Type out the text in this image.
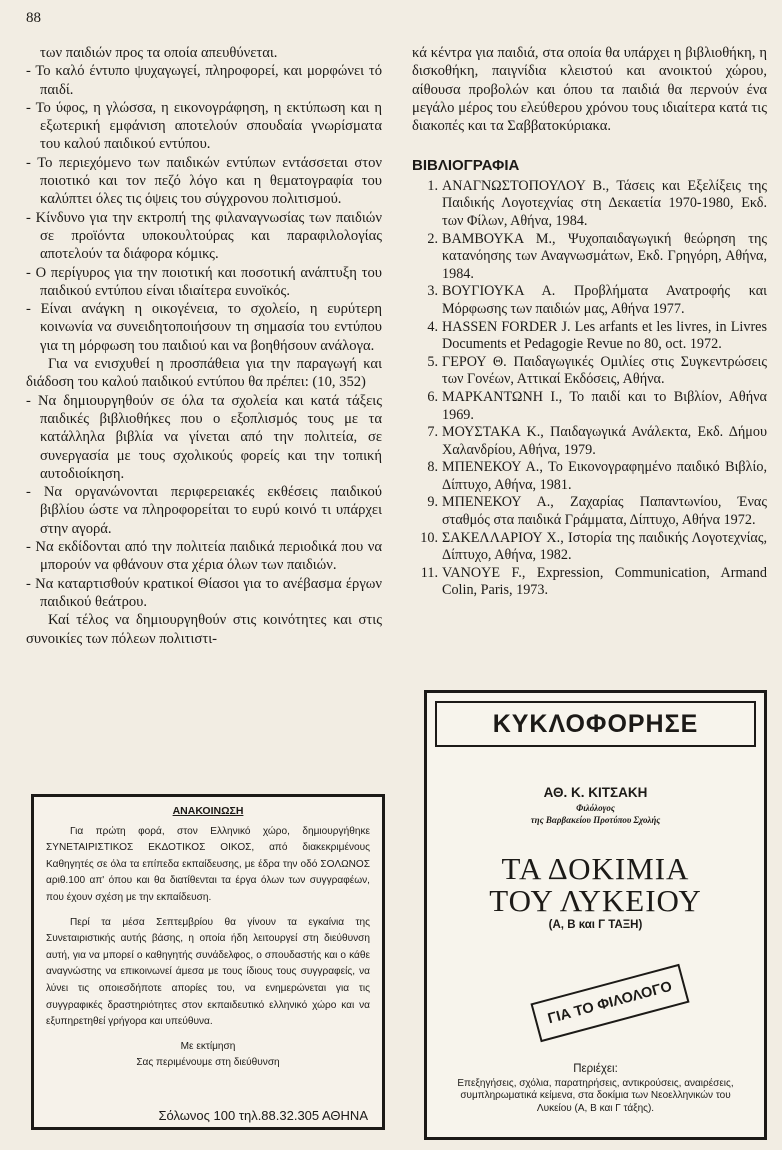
88

των παιδιών προς τα οποία απευθύνεται.

- Το καλό έντυπο ψυχαγωγεί, πληροφορεί, και μορφώνει τό παιδί.

- Το ύφος, η γλώσσα, η εικονογράφηση, η εκτύπωση και η εξωτερική εμφάνιση αποτελούν σπουδαία γνωρίσματα του καλού παιδικού εντύπου.

- Το περιεχόμενο των παιδικών εντύπων εντάσσεται στον ποιοτικό και τον πεζό λόγο και η θεματογραφία του καλύπτει όλες τις όψεις του σύγχρονου πολιτισμού.

- Κίνδυνο για την εκτροπή της φιλαναγνωσίας των παιδιών σε προϊόντα υποκουλτούρας και παραφιλολογίας αποτελούν τα διάφορα κόμικς.

- Ο περίγυρος για την ποιοτική και ποσοτική ανάπτυξη του παιδικού εντύπου είναι ιδιαίτερα ευνοϊκός.

- Είναι ανάγκη η οικογένεια, το σχολείο, η ευρύτερη κοινωνία να συνειδητοποιήσουν τη σημασία του εντύπου για τη μόρφωση του παιδιού και να βοηθήσουν ανάλογα.

Για να ενισχυθεί η προσπάθεια για την παραγωγή και διάδοση του καλού παιδικού εντύπου θα πρέπει: (10, 352)

- Να δημιουργηθούν σε όλα τα σχολεία και κατά τάξεις παιδικές βιβλιοθήκες που ο εξοπλισμός τους με τα κατάλληλα βιβλία να γίνεται από την πολιτεία, σε συνεργασία με τους σχολικούς φορείς και την τοπική αυτοδιοίκηση.

- Να οργανώνονται περιφερειακές εκθέσεις παιδικού βιβλίου ώστε να πληροφορείται το ευρύ κοινό τι υπάρχει στην αγορά.

- Να εκδίδονται από την πολιτεία παιδικά περιοδικά που να μπορούν να φθάνουν στα χέρια όλων των παιδιών.

- Να καταρτισθούν κρατικοί Θίασοι για το ανέβασμα έργων παιδικού θεάτρου.

Καί τέλος να δημιουργηθούν στις κοινότητες και στις συνοικίες των πόλεων πολιτιστι-

κά κέντρα για παιδιά, στα οποία θα υπάρχει η βιβλιοθήκη, η δισκοθήκη, παιγνίδια κλειστού και ανοικτού χώρου, αίθουσα προβολών και όπου τα παιδιά θα περνούν ένα μεγάλο μέρος του ελεύθερου χρόνου τους ιδιαίτερα κατά τις διακοπές και τα Σαββατοκύριακα.

ΒΙΒΛΙΟΓΡΑΦΙΑ
1. ΑΝΑΓΝΩΣΤΟΠΟΥΛΟΥ Β., Τάσεις και Εξελίξεις της Παιδικής Λογοτεχνίας στη Δεκαετία 1970-1980, Εκδ. των Φίλων, Αθήνα, 1984.
2. ΒΑΜΒΟΥΚΑ Μ., Ψυχοπαιδαγωγική θεώρηση της κατανόησης των Αναγνωσμάτων, Εκδ. Γρηγόρη, Αθήνα, 1984.
3. ΒΟΥΓΙΟΥΚΑ Α. Προβλήματα Ανατροφής και Μόρφωσης των παιδιών μας, Αθήνα 1977.
4. HASSEN FORDER J. Les arfants et les livres, in Livres Documents et Pedagogie Revue no 80, oct. 1972.
5. ΓΕΡΟΥ Θ. Παιδαγωγικές Ομιλίες στις Συγκεντρώσεις των Γονέων, Αττικαί Εκδόσεις, Αθήνα.
6. ΜΑΡΚΑΝΤΩΝΗ Ι., Το παιδί και το Βιβλίον, Αθήνα 1969.
7. ΜΟΥΣΤΑΚΑ Κ., Παιδαγωγικά Ανάλεκτα, Εκδ. Δήμου Χαλανδρίου, Αθήνα, 1979.
8. ΜΠΕΝΕΚΟΥ Α., Το Εικονογραφημένο παιδικό Βιβλίο, Δίπτυχο, Αθήνα, 1981.
9. ΜΠΕΝΕΚΟΥ Α., Ζαχαρίας Παπαντωνίου, Ένας σταθμός στα παιδικά Γράμματα, Δίπτυχο, Αθήνα 1972.
10. ΣΑΚΕΛΛΑΡΙΟΥ Χ., Ιστορία της παιδικής Λογοτεχνίας, Δίπτυχο, Αθήνα, 1982.
11. VANOYE F., Expression, Communication, Armand Colin, Paris, 1973.
ΑΝΑΚΟΙΝΩΣΗ

Για πρώτη φορά, στον Ελληνικό χώρο, δημιουργήθηκε ΣΥΝΕΤΑΙΡΙΣΤΙΚΟΣ ΕΚΔΟΤΙΚΟΣ ΟΙΚΟΣ, από διακεκριμένους Καθηγητές σε όλα τα επίπεδα εκπαίδευσης, με έδρα την οδό ΣΟΛΩΝΟΣ αριθ.100 απ' όπου και θα διατίθενται τα έργα όλων των συγγραφέων, που έχουν σχέση με την εκπαίδευση.

Περί τα μέσα Σεπτεμβρίου θα γίνουν τα εγκαίνια της Συνεταιριστικής αυτής βάσης, η οποία ήδη λειτουργεί στη διεύθυνση αυτή, για να μπορεί ο καθηγητής συνάδελφος, ο σπουδαστής και ο κάθε αναγνώστης να επικοινωνεί άμεσα με τους ίδιους τους συγγραφείς, να λύνει τις οποιεσδήποτε απορίες του, να ενημερώνεται για τις συγγραφικές δραστηριότητες στον εκπαιδευτικό ελληνικό χώρο και να εξυπηρετηθεί γρήγορα και υπεύθυνα.

Με εκτίμηση
Σας περιμένουμε στη διεύθυνση
Σόλωνος 100 τηλ.88.32.305 ΑΘΗΝΑ
ΚΥΚΛΟΦΟΡΗΣΕ
ΑΘ. Κ. ΚΙΤΣΑΚΗ
Φιλόλογος
της Βαρβακείου Προτύπου Σχολής
ΤΑ ΔΟΚΙΜΙΑ
ΤΟΥ ΛΥΚΕΙΟΥ
(Α, Β και Γ ΤΑΞΗ)
ΓΙΑ ΤΟ ΦΙΛΟΛΟΓΟ
Περιέχει:
Επεξηγήσεις, σχόλια, παρατηρήσεις, αντικρούσεις, αναιρέσεις, συμπληρωματικά κείμενα, στα δοκίμια των Νεοελληνικών του Λυκείου (Α, Β και Γ τάξης).
